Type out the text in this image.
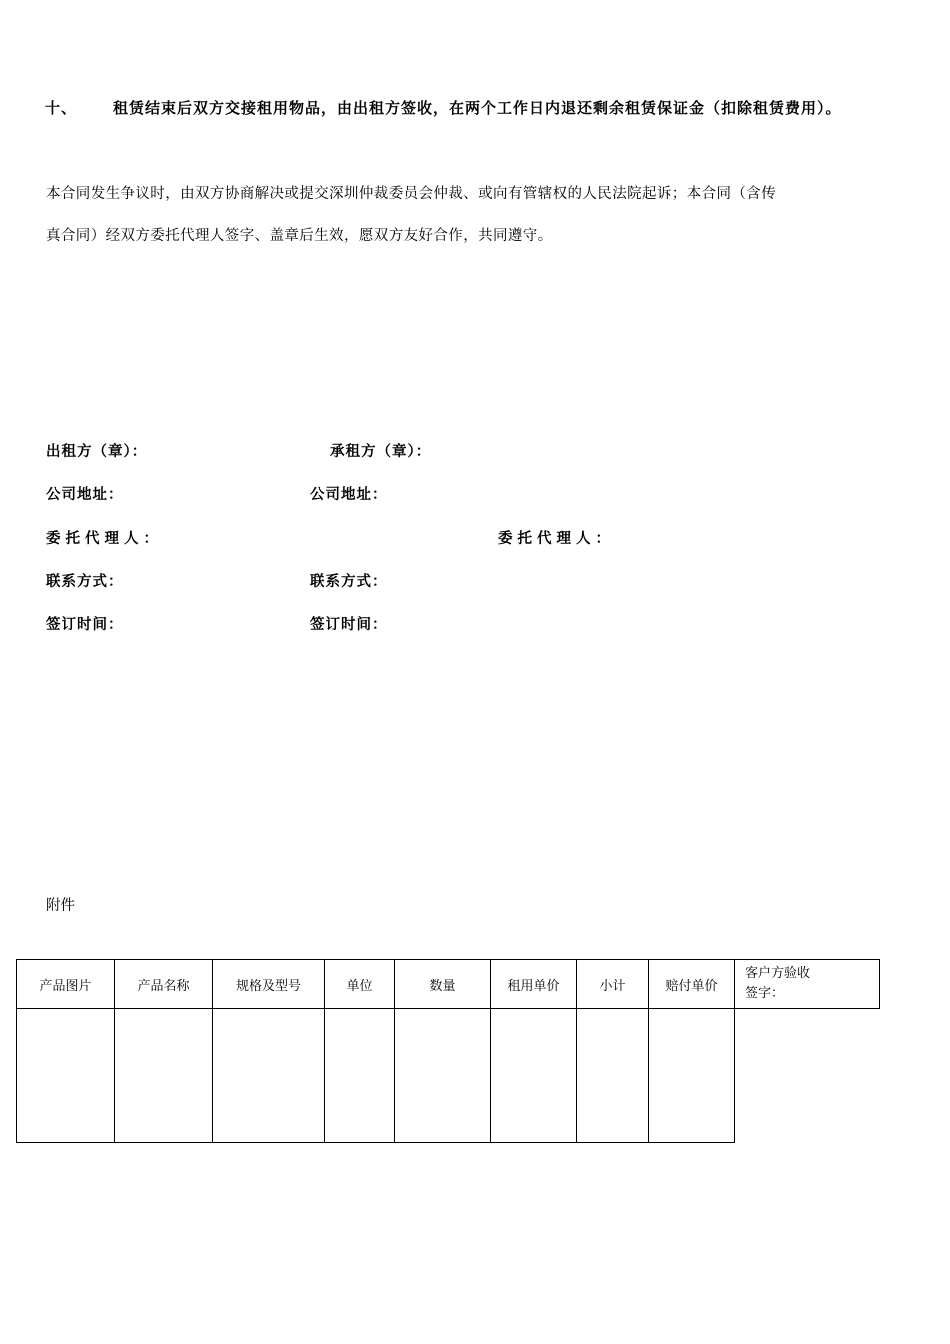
十、 租赁结束后双方交接租用物品，由出租方签收，在两个工作日内退还剩余租赁保证金（扣除租赁费用）。
本合同发生争议时，由双方协商解决或提交深圳仲裁委员会仲裁、或向有管辖权的人民法院起诉；本合同（含传
真合同）经双方委托代理人签字、盖章后生效，愿双方友好合作，共同遵守。
出租方（章）：	承租方（章）：
公司地址：	公司地址：
委托代理人：	委托代理人：
联系方式：	联系方式：
签订时间：	签订时间：
附件
产品图片	产品名称	规格及型号	单位	数量	租用单价	小计	赔付单价	客户方验收
签字：
